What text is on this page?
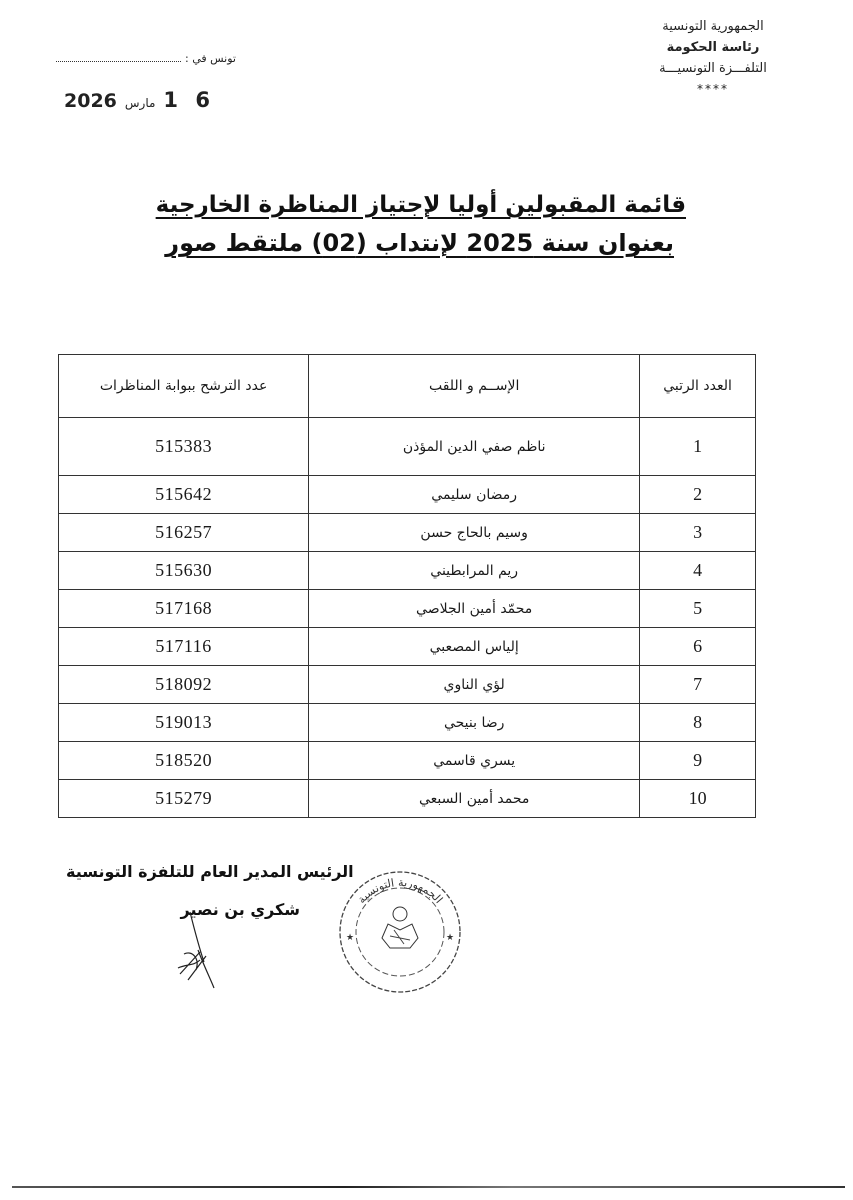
الجمهورية التونسية
رئاسة الحكومة
التلفـــزة التونسيـــة
****
تونس في :
2026 مارس 1 6
قائمة المقبولين أوليا لإجتياز المناظرة الخارجية
بعنوان سنة 2025 لإنتداب (02) ملتقط صور
العدد الرتبي	الإســم و اللقب	عدد الترشح ببوابة المناظرات
1	ناظم صفي الدين المؤذن	515383
2	رمضان سليمي	515642
3	وسيم بالحاج حسن	516257
4	ريم المرابطيني	515630
5	محمّد أمين الجلاصي	517168
6	إلياس المصعبي	517116
7	لؤي الناوي	518092
8	رضا بنيحي	519013
9	يسري قاسمي	518520
10	محمد أمين السبعي	515279
الرئيس المدير العام للتلفزة التونسية
شكري بن نصير
الجمهورية التونسية
★	★
